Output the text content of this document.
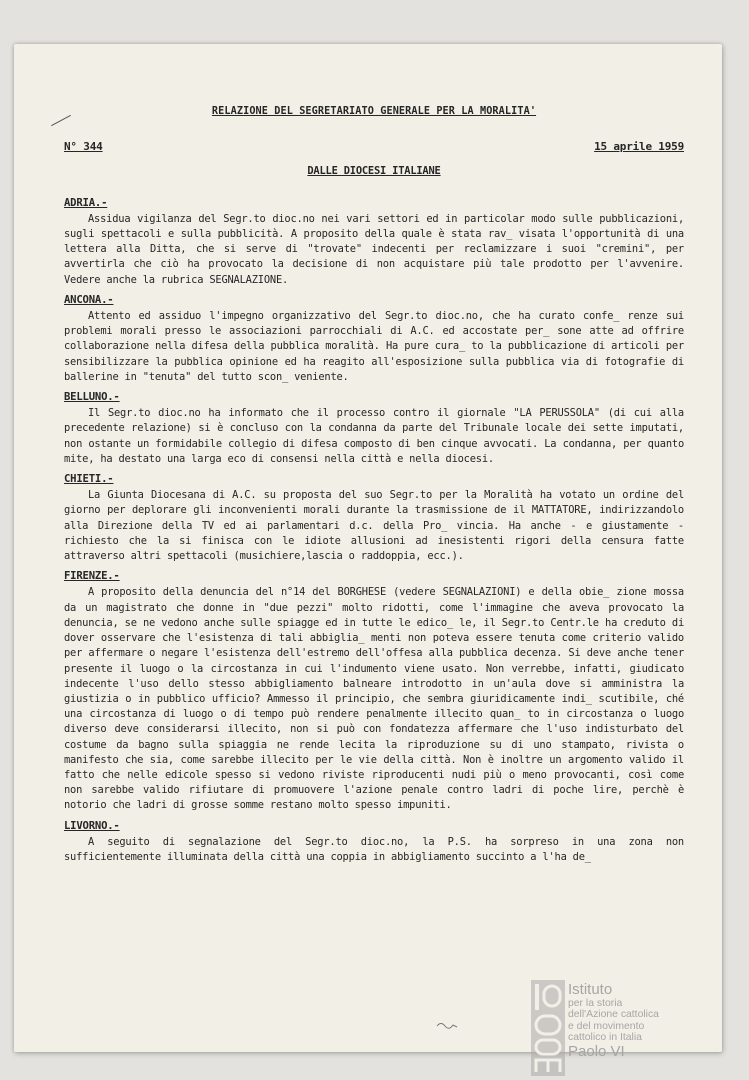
RELAZIONE DEL SEGRETARIATO GENERALE PER LA MORALITA'
N° 344	15 aprile 1959
DALLE DIOCESI ITALIANE
ADRIA.-

Assidua vigilanza del Segr.to dioc.no nei vari settori ed in particolar modo sulle pubblicazioni, sugli spettacoli e sulla pubblicità. A proposito della quale è stata rav_ visata l'opportunità di una lettera alla Ditta, che si serve di "trovate" indecenti per reclamizzare i suoi "cremini", per avvertirla che ciò ha provocato la decisione di non acquistare più tale prodotto per l'avvenire. Vedere anche la rubrica SEGNALAZIONE.

ANCONA.-

Attento ed assiduo l'impegno organizzativo del Segr.to dioc.no, che ha curato confe_ renze sui problemi morali presso le associazioni parrocchiali di A.C. ed accostate per_ sone atte ad offrire collaborazione nella difesa della pubblica moralità. Ha pure cura_ to la pubblicazione di articoli per sensibilizzare la pubblica opinione ed ha reagito all'esposizione sulla pubblica via di fotografie di ballerine in "tenuta" del tutto scon_ veniente.

BELLUNO.-

Il Segr.to dioc.no ha informato che il processo contro il giornale "LA PERUSSOLA" (di cui alla precedente relazione) si è concluso con la condanna da parte del Tribunale locale dei sette imputati, non ostante un formidabile collegio di difesa composto di ben cinque avvocati. La condanna, per quanto mite, ha destato una larga eco di consensi nella città e nella diocesi.

CHIETI.-

La Giunta Diocesana di A.C. su proposta del suo Segr.to per la Moralità ha votato un ordine del giorno per deplorare gli inconvenienti morali durante la trasmissione de il MATTATORE, indirizzandolo alla Direzione della TV ed ai parlamentari d.c. della Pro_ vincia. Ha anche - e giustamente - richiesto che la si finisca con le idiote allusioni ad inesistenti rigori della censura fatte attraverso altri spettacoli (musichiere,lascia o raddoppia, ecc.).

FIRENZE.-

A proposito della denuncia del n°14 del BORGHESE (vedere SEGNALAZIONI) e della obie_ zione mossa da un magistrato che donne in "due pezzi" molto ridotti, come l'immagine che aveva provocato la denuncia, se ne vedono anche sulle spiagge ed in tutte le edico_ le, il Segr.to Centr.le ha creduto di dover osservare che l'esistenza di tali abbiglia_ menti non poteva essere tenuta come criterio valido per affermare o negare l'esistenza dell'estremo dell'offesa alla pubblica decenza. Si deve anche tener presente il luogo o la circostanza in cui l'indumento viene usato. Non verrebbe, infatti, giudicato indecente l'uso dello stesso abbigliamento balneare introdotto in un'aula dove si amministra la giustizia o in pubblico ufficio? Ammesso il principio, che sembra giuridicamente indi_ scutibile, ché una circostanza di luogo o di tempo può rendere penalmente illecito quan_ to in circostanza o luogo diverso deve considerarsi illecito, non si può con fondatezza affermare che l'uso indisturbato del costume da bagno sulla spiaggia ne rende lecita la riproduzione su di uno stampato, rivista o manifesto che sia, come sarebbe illecito per le vie della città. Non è inoltre un argomento valido il fatto che nelle edicole spesso si vedono riviste riproducenti nudi più o meno provocanti, così come non sarebbe valido rifiutare di promuovere l'azione penale contro ladri di poche lire, perchè è notorio che ladri di grosse somme restano molto spesso impuniti.

LIVORNO.-

A seguito di segnalazione del Segr.to dioc.no, la P.S. ha sorpreso in una zona non sufficientemente illuminata della città una coppia in abbigliamento succinto a l'ha de_

Istituto
per la storia
dell'Azione cattolica
e del movimento
cattolico in Italia
Paolo VI
